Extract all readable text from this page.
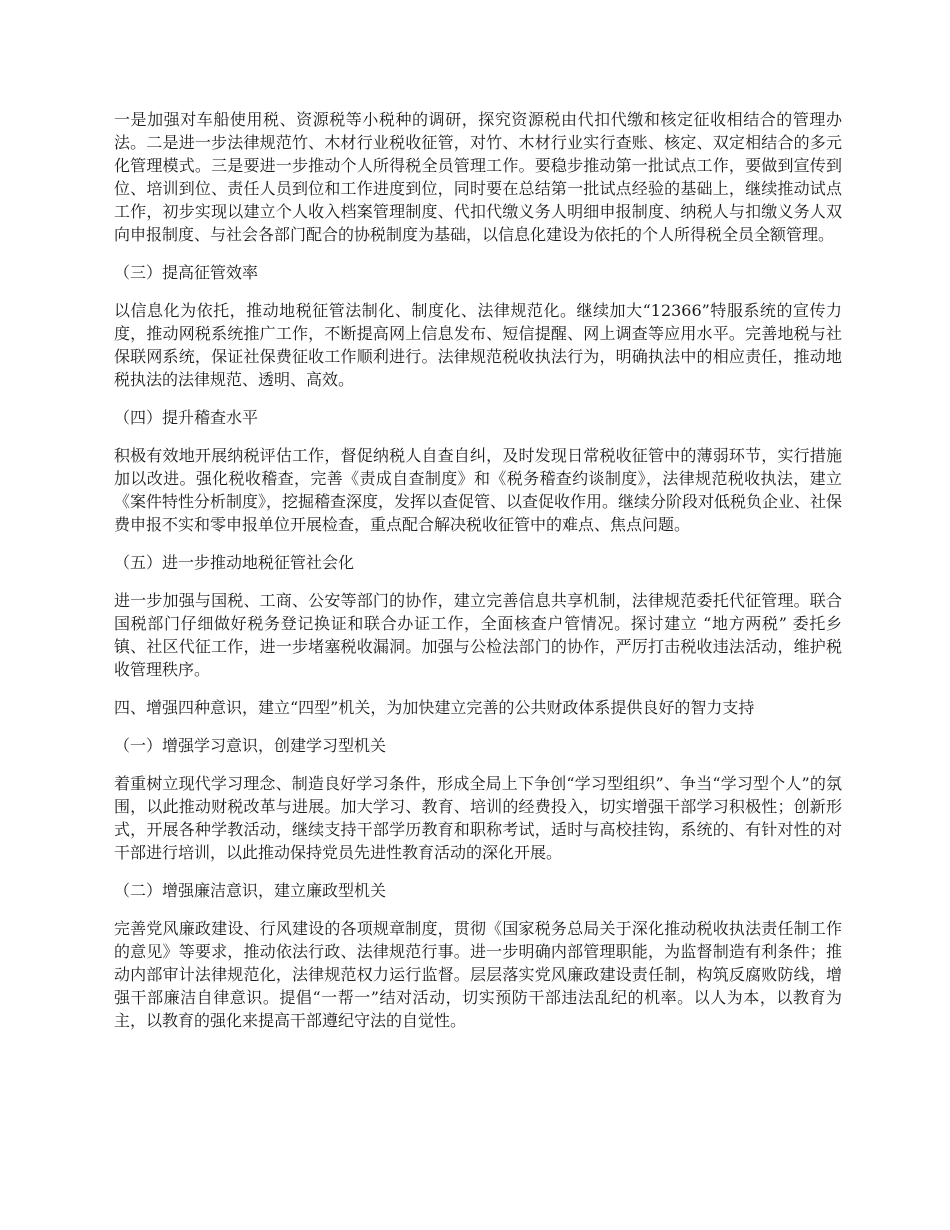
一是加强对车船使用税、资源税等小税种的调研，探究资源税由代扣代缴和核定征收相结合的管理办法。二是进一步法律规范竹、木材行业税收征管，对竹、木材行业实行查账、核定、双定相结合的多元化管理模式。三是要进一步推动个人所得税全员管理工作。要稳步推动第一批试点工作，要做到宣传到位、培训到位、责任人员到位和工作进度到位，同时要在总结第一批试点经验的基础上，继续推动试点工作，初步实现以建立个人收入档案管理制度、代扣代缴义务人明细申报制度、纳税人与扣缴义务人双向申报制度、与社会各部门配合的协税制度为基础，以信息化建设为依托的个人所得税全员全额管理。

（三）提高征管效率

以信息化为依托，推动地税征管法制化、制度化、法律规范化。继续加大“12366”特服系统的宣传力度，推动网税系统推广工作，不断提高网上信息发布、短信提醒、网上调查等应用水平。完善地税与社保联网系统，保证社保费征收工作顺利进行。法律规范税收执法行为，明确执法中的相应责任，推动地税执法的法律规范、透明、高效。

（四）提升稽查水平

积极有效地开展纳税评估工作，督促纳税人自查自纠，及时发现日常税收征管中的薄弱环节，实行措施加以改进。强化税收稽查，完善《责成自查制度》和《税务稽查约谈制度》，法律规范税收执法，建立《案件特性分析制度》，挖掘稽查深度，发挥以查促管、以查促收作用。继续分阶段对低税负企业、社保费申报不实和零申报单位开展检查，重点配合解决税收征管中的难点、焦点问题。

（五）进一步推动地税征管社会化

进一步加强与国税、工商、公安等部门的协作，建立完善信息共享机制，法律规范委托代征管理。联合国税部门仔细做好税务登记换证和联合办证工作，全面核查户管情况。探讨建立 “地方两税” 委托乡镇、社区代征工作，进一步堵塞税收漏洞。加强与公检法部门的协作，严厉打击税收违法活动，维护税收管理秩序。

四、增强四种意识，建立“四型”机关，为加快建立完善的公共财政体系提供良好的智力支持

（一）增强学习意识，创建学习型机关

着重树立现代学习理念、制造良好学习条件，形成全局上下争创“学习型组织”、争当“学习型个人”的氛围，以此推动财税改革与进展。加大学习、教育、培训的经费投入，切实增强干部学习积极性；创新形式，开展各种学教活动，继续支持干部学历教育和职称考试，适时与高校挂钩，系统的、有针对性的对干部进行培训，以此推动保持党员先进性教育活动的深化开展。

（二）增强廉洁意识，建立廉政型机关

完善党风廉政建设、行风建设的各项规章制度，贯彻《国家税务总局关于深化推动税收执法责任制工作的意见》等要求，推动依法行政、法律规范行事。进一步明确内部管理职能，为监督制造有利条件；推动内部审计法律规范化，法律规范权力运行监督。层层落实党风廉政建设责任制，构筑反腐败防线，增强干部廉洁自律意识。提倡“一帮一”结对活动，切实预防干部违法乱纪的机率。以人为本，以教育为主，以教育的强化来提高干部遵纪守法的自觉性。
